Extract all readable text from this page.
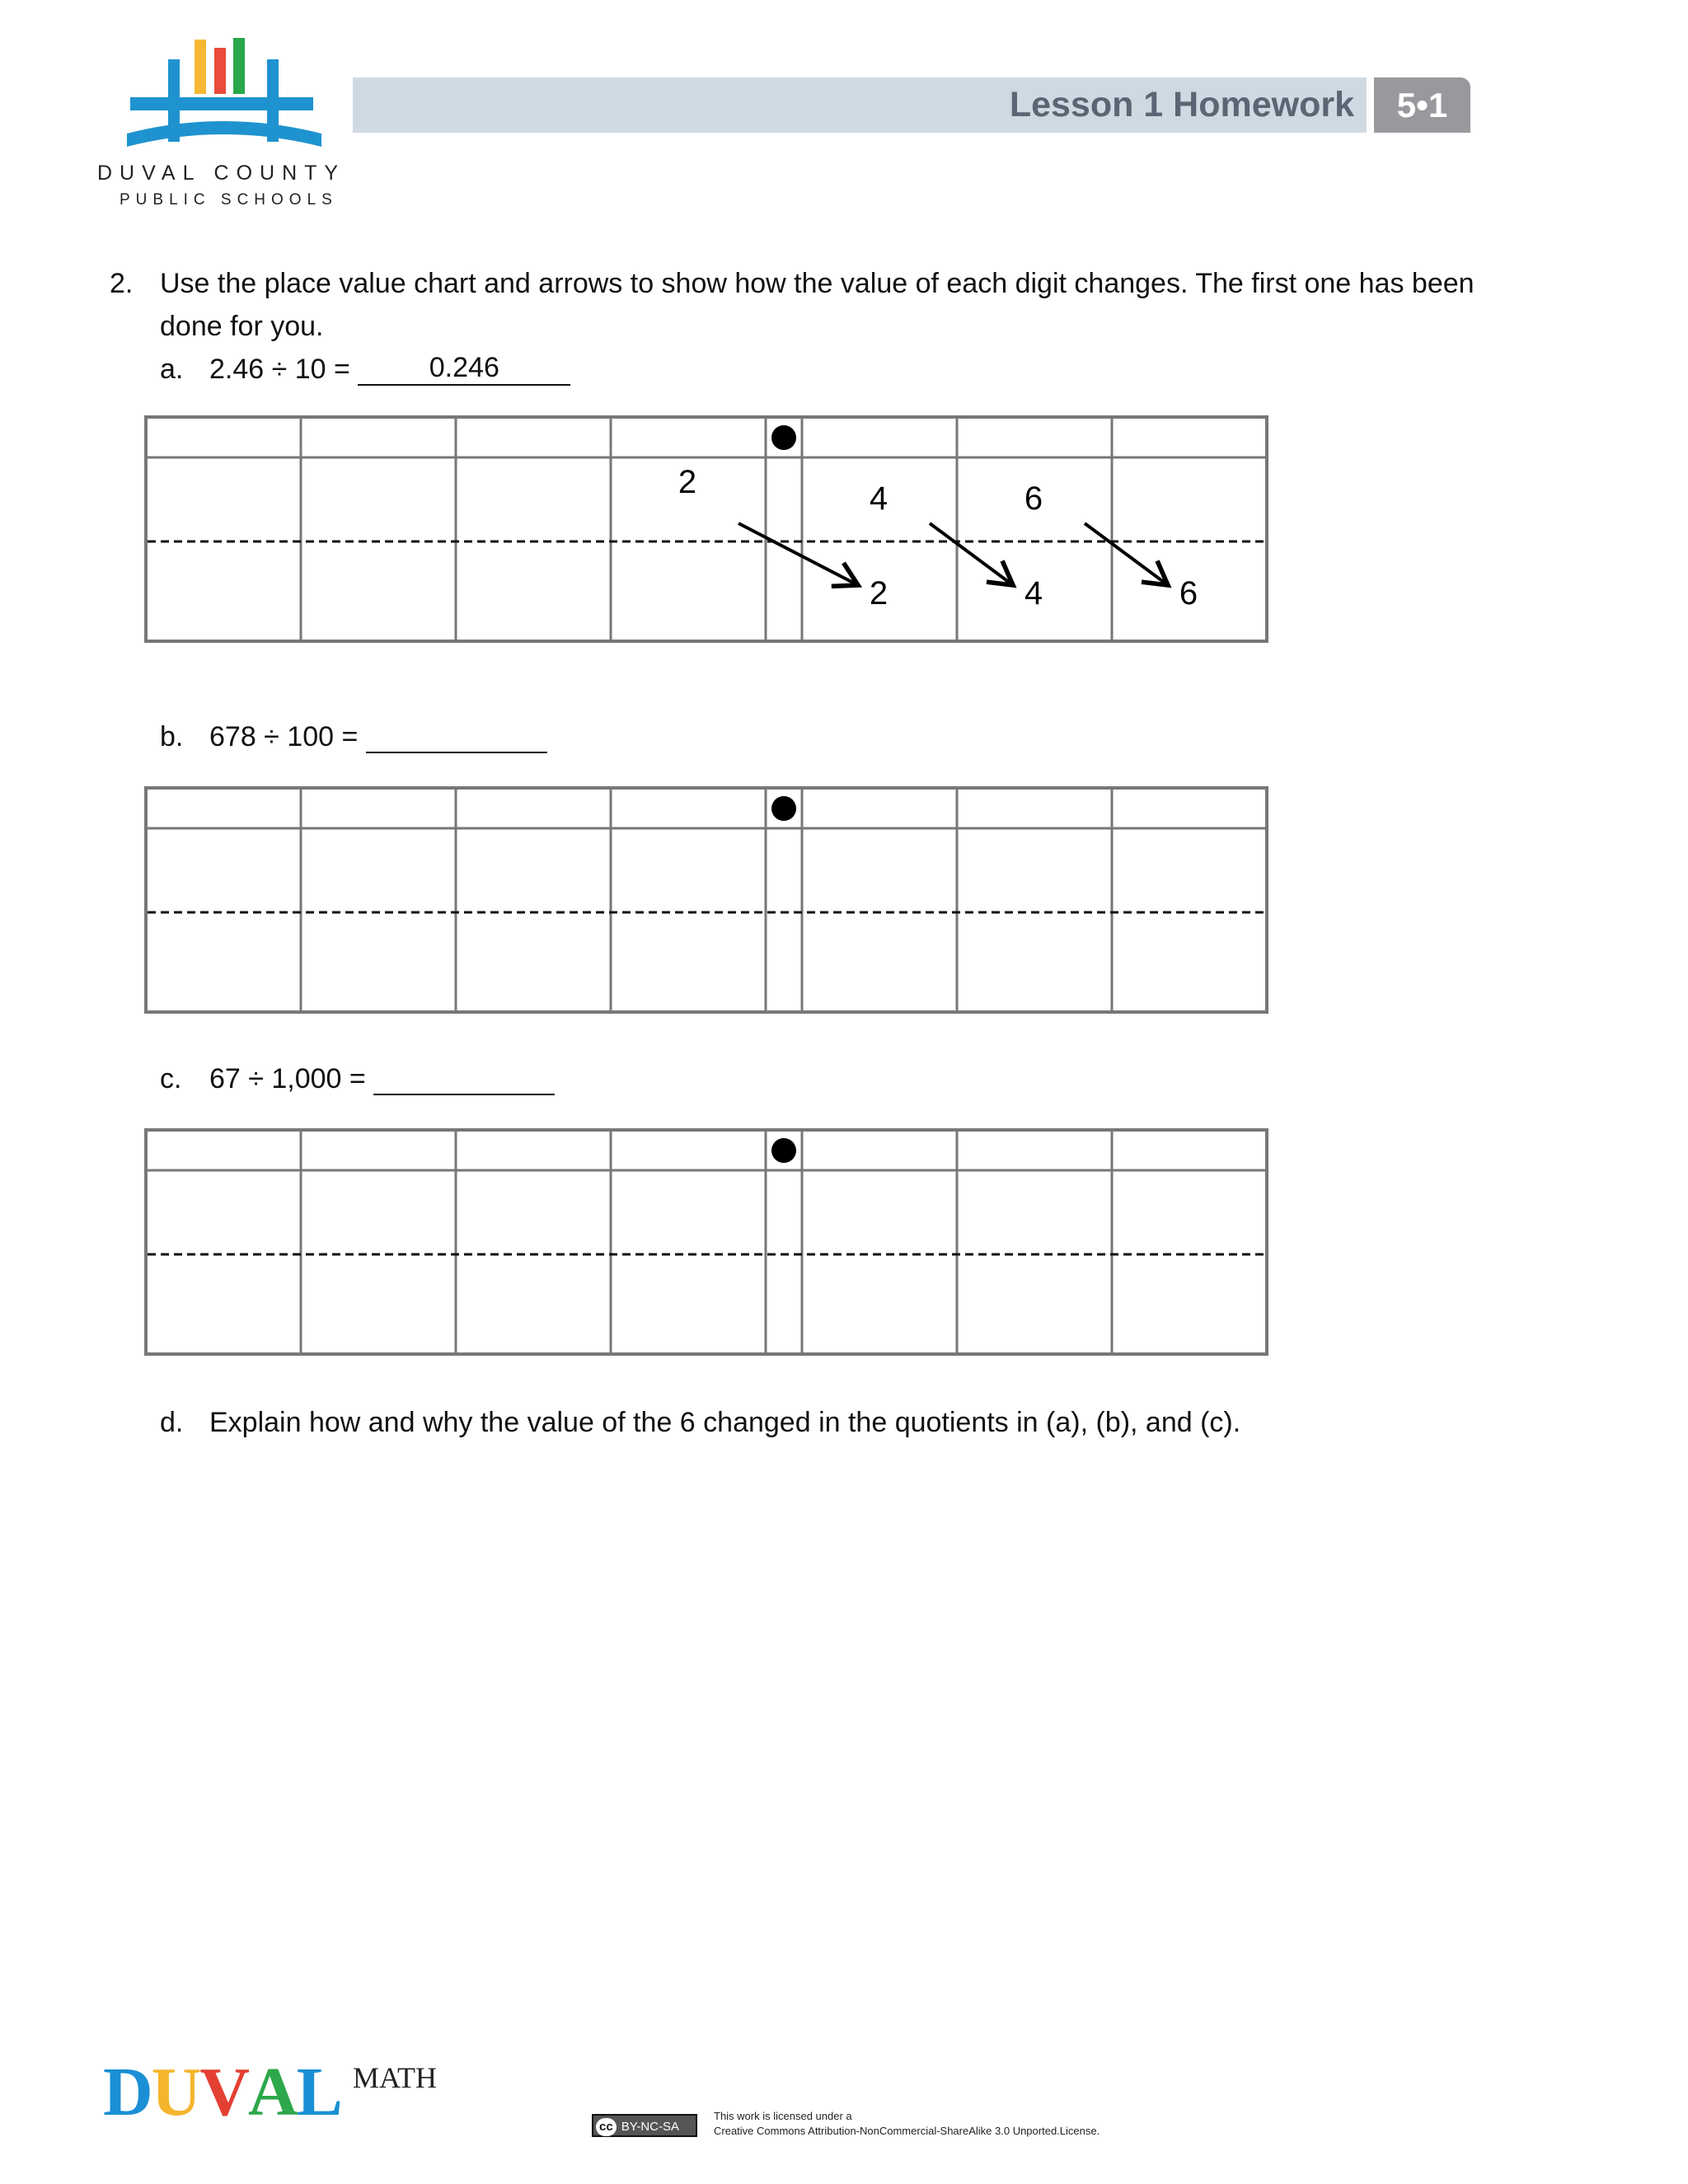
DUVAL COUNTY
PUBLIC SCHOOLS
Lesson 1 Homework	5•1
2. Use the place value chart and arrows to show how the value of each digit changes. The first one has been
done for you.
a. 2.46 ÷ 10 =	0.246
2	4	6
2	4	6
b. 678 ÷ 100 =
c. 67 ÷ 1,000 =
d. Explain how and why the value of the 6 changed in the quotients in (a), (b), and (c).
DUVAL MATH
cc BY-NC-SA
This work is licensed under a
Creative Commons Attribution-NonCommercial-ShareAlike 3.0 Unported.License.
